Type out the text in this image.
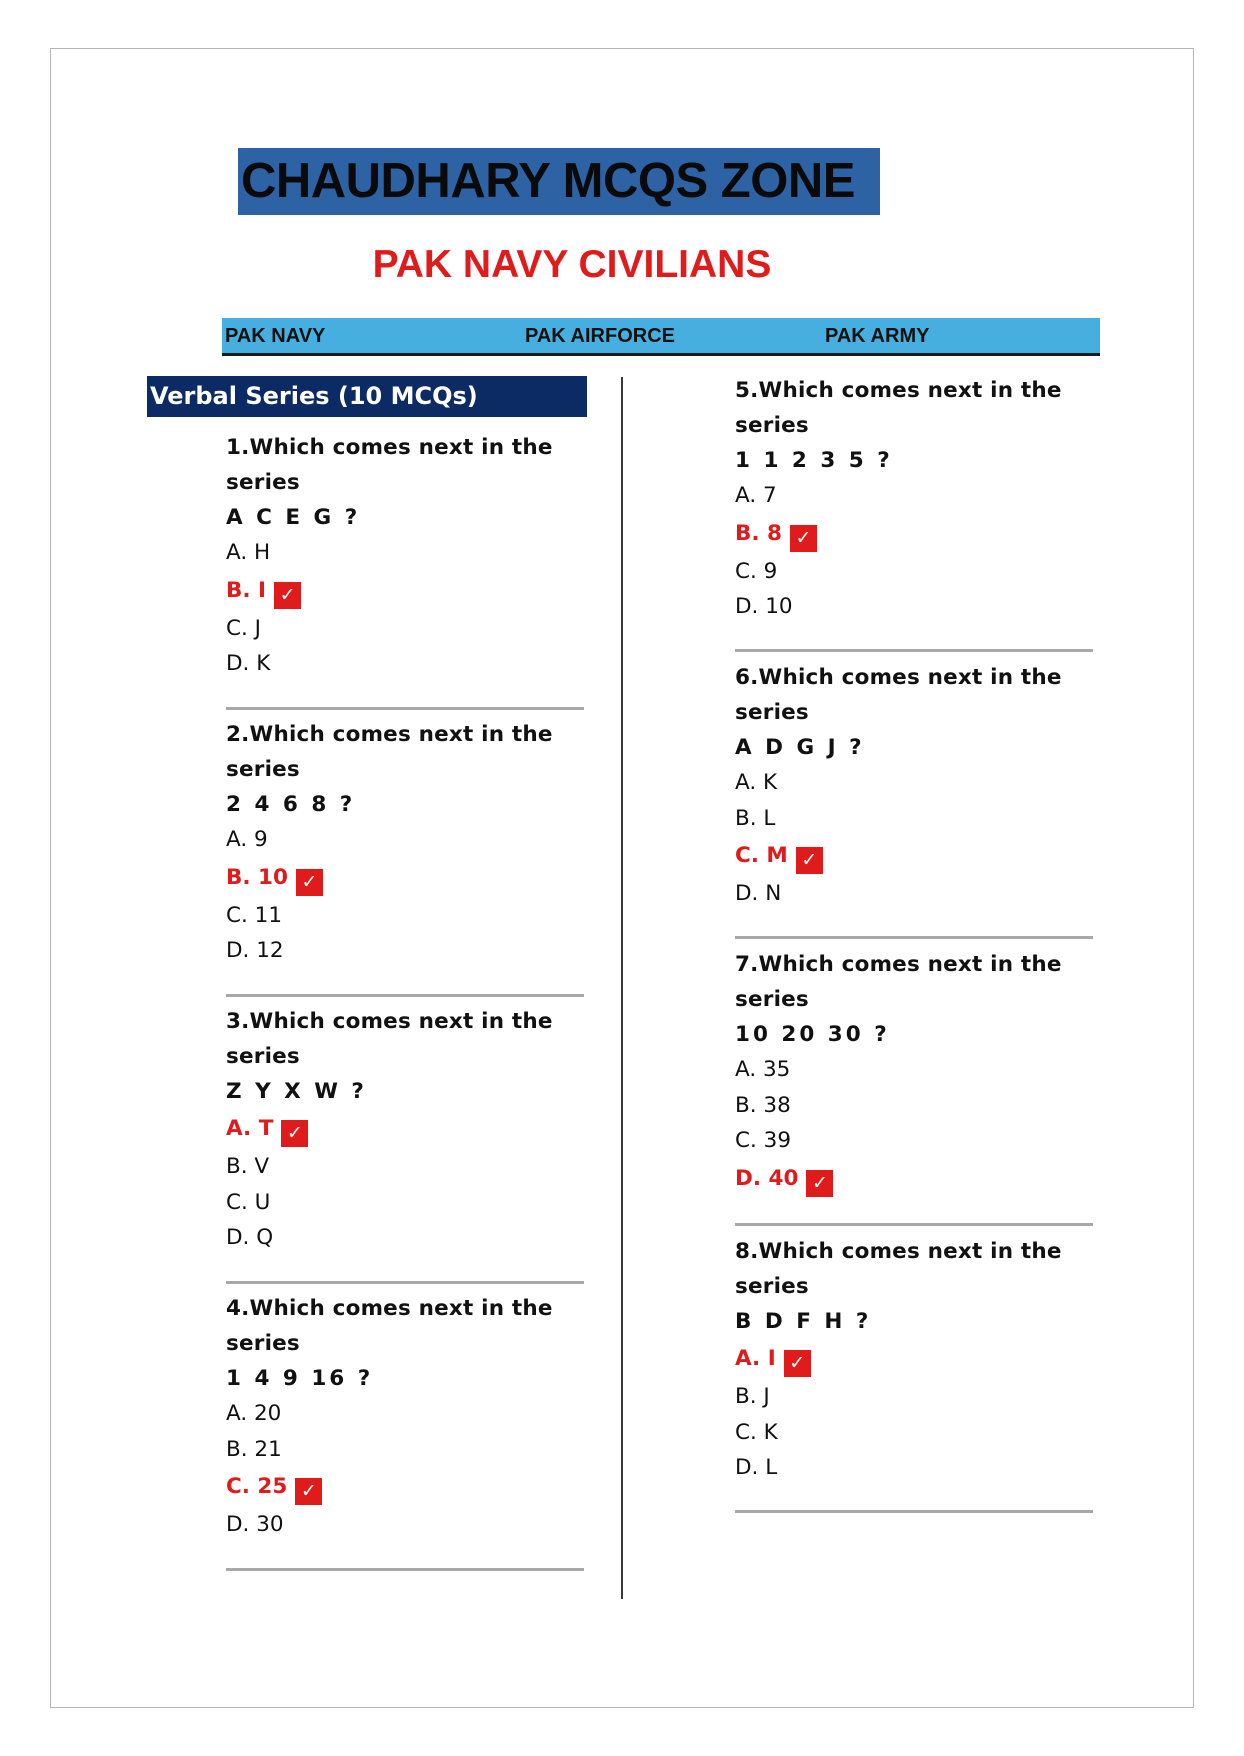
CHAUDHARY MCQS ZONE
PAK NAVY CIVILIANS
PAK NAVY	PAK AIRFORCE	PAK ARMY
Verbal Series (10 MCQs)
1.Which comes next in the series
A C E G ?
A. H
B. I ✓
C. J
D. K
2.Which comes next in the series
2 4 6 8 ?
A. 9
B. 10 ✓
C. 11
D. 12
3.Which comes next in the series
Z Y X W ?
A. T ✓
B. V
C. U
D. Q
4.Which comes next in the series
1 4 9 16 ?
A. 20
B. 21
C. 25 ✓
D. 30
5.Which comes next in the series
1 1 2 3 5 ?
A. 7
B. 8 ✓
C. 9
D. 10
6.Which comes next in the series
A D G J ?
A. K
B. L
C. M ✓
D. N
7.Which comes next in the series
10 20 30 ?
A. 35
B. 38
C. 39
D. 40 ✓
8.Which comes next in the series
B D F H ?
A. I ✓
B. J
C. K
D. L
